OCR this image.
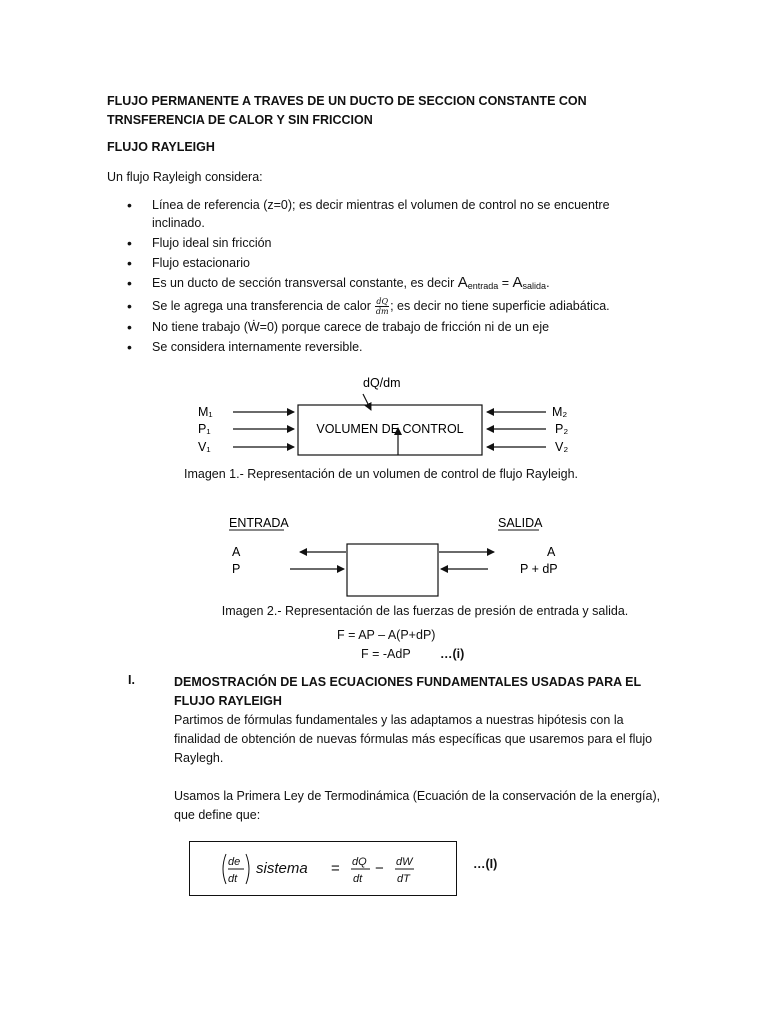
FLUJO PERMANENTE A TRAVES DE UN DUCTO DE SECCION CONSTANTE CON TRNSFERENCIA DE CALOR Y SIN FRICCION
FLUJO RAYLEIGH
Un flujo Rayleigh considera:
• Línea de referencia (z=0); es decir mientras el volumen de control no se encuentre inclinado.
• Flujo ideal sin fricción
• Flujo estacionario
• Es un ducto de sección transversal constante, es decir $A_{entrada} = A_{salida}$.
• Se le agrega una transferencia de calor $\frac{dQ}{dm}$ ; es decir no tiene superficie adiabática.
• No tiene trabajo (Ẇ=0) porque carece de trabajo de fricción ni de un eje
• Se considera internamente reversible.
dQ/dm
VOLUMEN DE CONTROL
M₁
P₁
V₁
M₂
P₂
V₂
Imagen 1.- Representación de un volumen de control de flujo Rayleigh.
ENTRADA	SALIDA
A
P
A
P + dP
Imagen 2.- Representación de las fuerzas de presión de entrada y salida.
F = AP – A(P+dP)
F = -AdP …(i)
I.	DEMOSTRACIÓN DE LAS ECUACIONES FUNDAMENTALES USADAS PARA EL FLUJO RAYLEIGH
Partimos de fórmulas fundamentales y las adaptamos a nuestras hipótesis con la finalidad de obtención de nuevas fórmulas más específicas que usaremos para el flujo Raylegh.
Usamos la Primera Ley de Termodinámica (Ecuación de la conservación de la energía), que define que:
de
dt
sistema = dQ
dt
− dW
dT
…(I)
